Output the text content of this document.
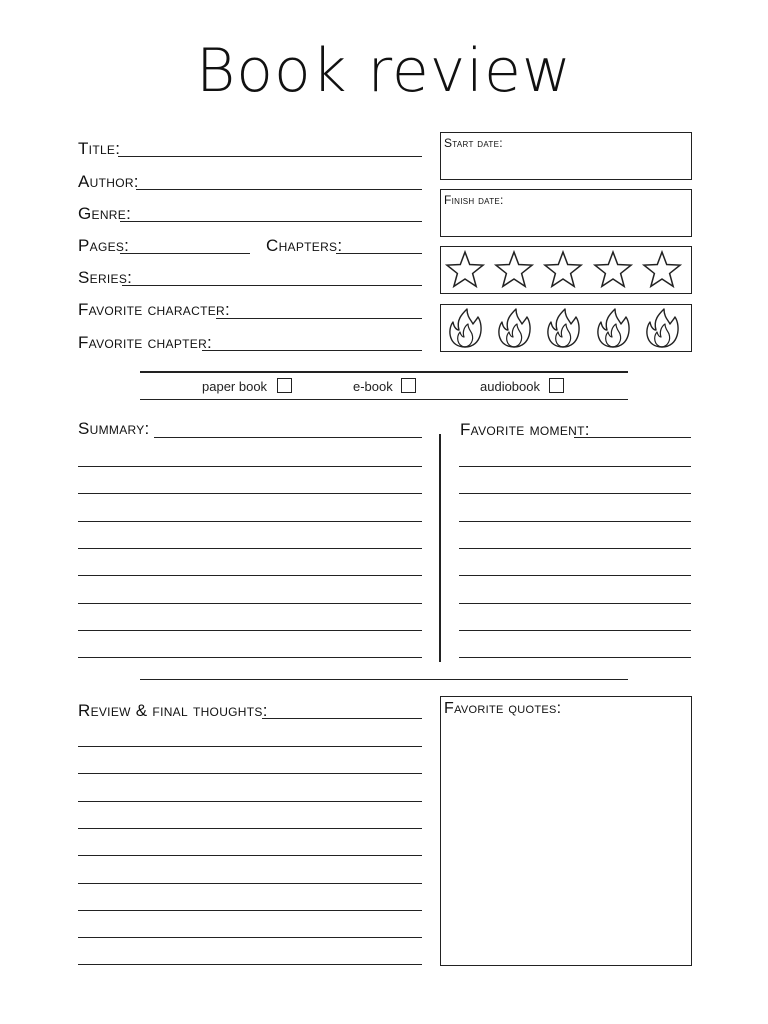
Book review
Title:
Author:
Genre:
Pages:	Chapters:
Series:
Favorite character:
Favorite chapter:
Start date:
Finish date:
paper book	e-book	audiobook
Summary:	Favorite moment:
Review & final thoughts:	Favorite quotes:
